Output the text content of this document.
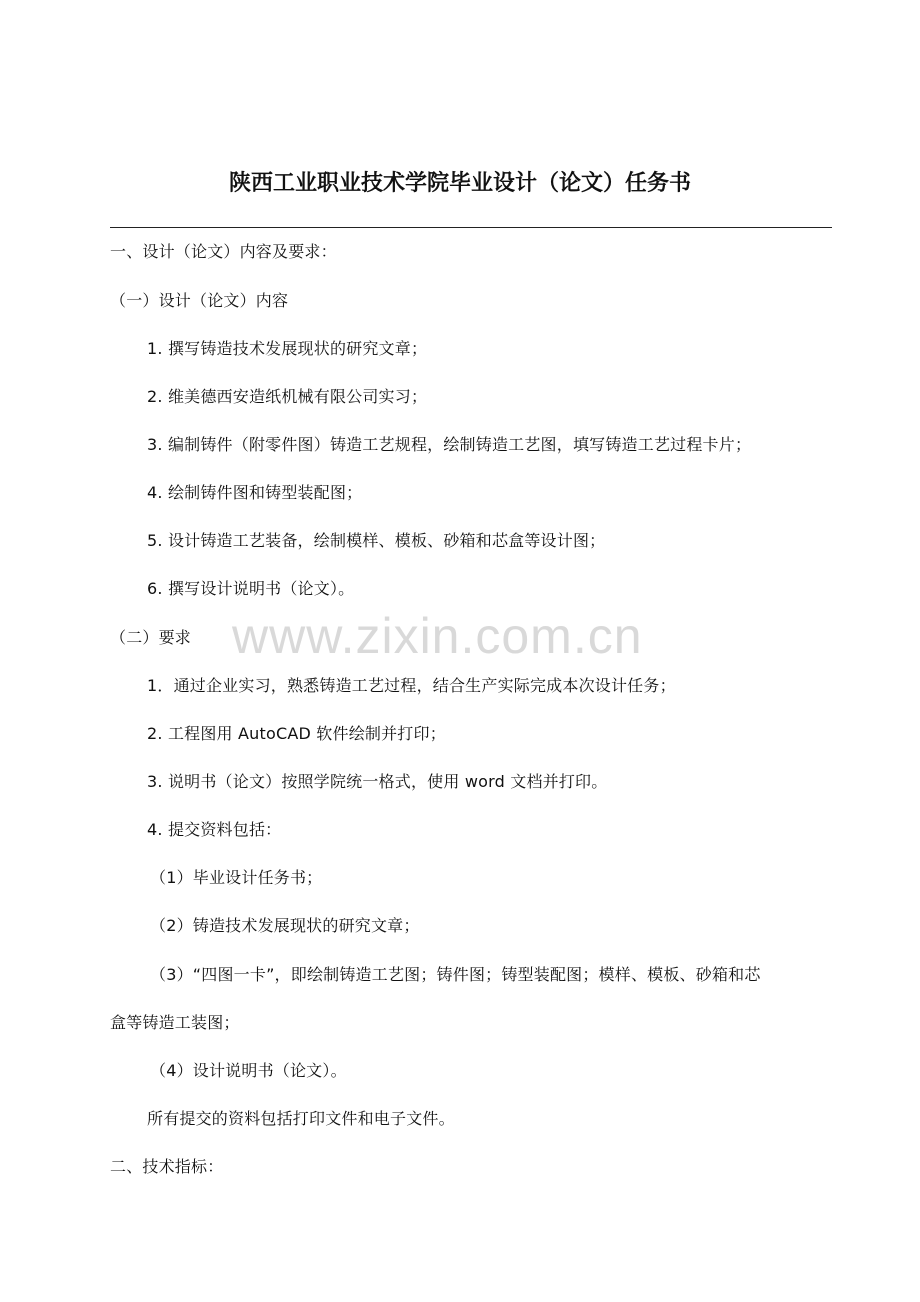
陕西工业职业技术学院毕业设计（论文）任务书
一、设计（论文）内容及要求：
（一）设计（论文）内容
1. 撰写铸造技术发展现状的研究文章；
2. 维美德西安造纸机械有限公司实习；
3. 编制铸件（附零件图）铸造工艺规程，绘制铸造工艺图，填写铸造工艺过程卡片；
4. 绘制铸件图和铸型装配图；
5. 设计铸造工艺装备，绘制模样、模板、砂箱和芯盒等设计图；
6. 撰写设计说明书（论文）。
（二）要求
1．通过企业实习，熟悉铸造工艺过程，结合生产实际完成本次设计任务；
2. 工程图用 AutoCAD 软件绘制并打印；
3. 说明书（论文）按照学院统一格式，使用 word 文档并打印。
4. 提交资料包括：
（1）毕业设计任务书；
（2）铸造技术发展现状的研究文章；
（3）“四图一卡”，即绘制铸造工艺图；铸件图；铸型装配图；模样、模板、砂箱和芯
盒等铸造工装图；
（4）设计说明书（论文）。
所有提交的资料包括打印文件和电子文件。
二、技术指标：
www.zixin.com.cn
